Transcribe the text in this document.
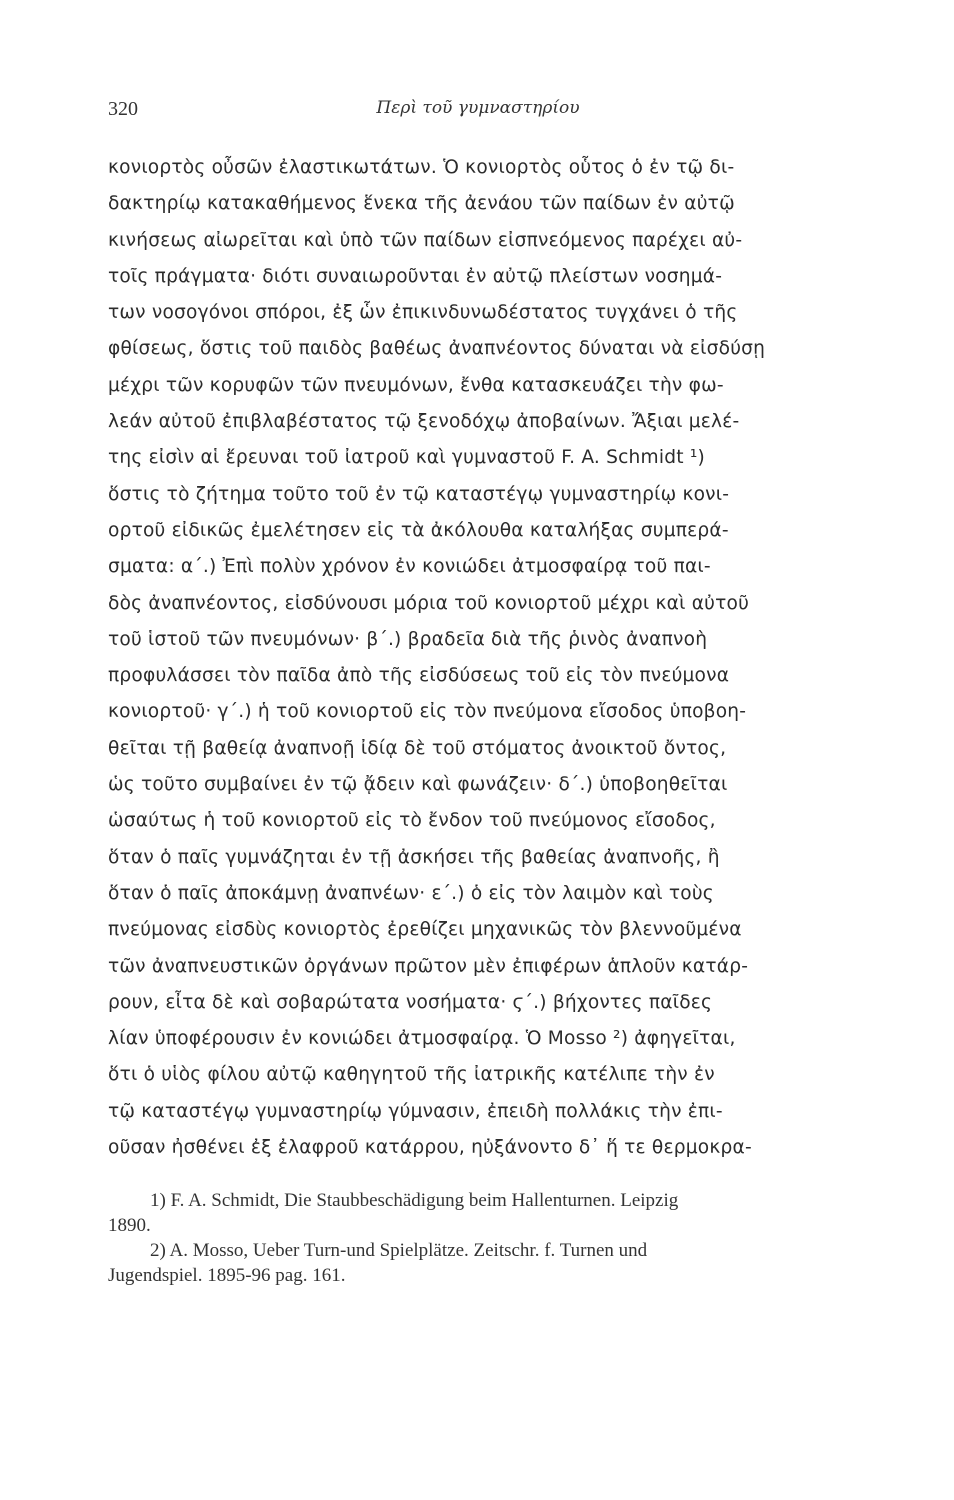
320	Περὶ τοῦ γυμναστηρίου
κονιορτὸς οὖσῶν ἐλαστικωτάτων. Ὁ κονιορτὸς οὗτος ὁ ἐν τῷ δι-
δακτηρίῳ κατακαθήμενος ἕνεκα τῆς ἀενάου τῶν παίδων ἐν αὐτῷ
κινήσεως αἰωρεῖται καὶ ὑπὸ τῶν παίδων εἰσπνεόμενος παρέχει αὐ-
τοῖς πράγματα· διότι συναιωροῦνται ἐν αὐτῷ πλείστων νοσημά-
των νοσογόνοι σπόροι, ἐξ ὧν ἐπικινδυνωδέστατος τυγχάνει ὁ τῆς
φθίσεως, ὅστις τοῦ παιδὸς βαθέως ἀναπνέοντος δύναται νὰ εἰσδύσῃ
μέχρι τῶν κορυφῶν τῶν πνευμόνων, ἔνθα κατασκευάζει τὴν φω-
λεάν αὐτοῦ ἐπιβλαβέστατος τῷ ξενοδόχῳ ἀποβαίνων. Ἄξιαι μελέ-
της εἰσὶν αἱ ἔρευναι τοῦ ἰατροῦ καὶ γυμναστοῦ F. A. Schmidt ¹)
ὅστις τὸ ζήτημα τοῦτο τοῦ ἐν τῷ καταστέγῳ γυμναστηρίῳ κονι-
ορτοῦ εἰδικῶς ἐμελέτησεν εἰς τὰ ἀκόλουθα καταλήξας συμπερά-
σματα: α΄.) Ἐπὶ πολὺν χρόνον ἐν κονιώδει ἀτμοσφαίρᾳ τοῦ παι-
δὸς ἀναπνέοντος, εἰσδύνουσι μόρια τοῦ κονιορτοῦ μέχρι καὶ αὐτοῦ
τοῦ ἱστοῦ τῶν πνευμόνων· β΄.) βραδεῖα διὰ τῆς ῥινὸς ἀναπνοὴ
προφυλάσσει τὸν παῖδα ἀπὸ τῆς εἰσδύσεως τοῦ εἰς τὸν πνεύμονα
κονιορτοῦ· γ΄.) ἡ τοῦ κονιορτοῦ εἰς τὸν πνεύμονα εἴσοδος ὑποβοη-
θεῖται τῇ βαθείᾳ ἀναπνοῇ ἰδίᾳ δὲ τοῦ στόματος ἀνοικτοῦ ὄντος,
ὡς τοῦτο συμβαίνει ἐν τῷ ᾄδειν καὶ φωνάζειν· δ΄.) ὑποβοηθεῖται
ὡσαύτως ἡ τοῦ κονιορτοῦ εἰς τὸ ἔνδον τοῦ πνεύμονος εἴσοδος,
ὅταν ὁ παῖς γυμνάζηται ἐν τῇ ἀσκήσει τῆς βαθείας ἀναπνοῆς, ἢ
ὅταν ὁ παῖς ἀποκάμνῃ ἀναπνέων· ε΄.) ὁ εἰς τὸν λαιμὸν καὶ τοὺς
πνεύμονας εἰσδὺς κονιορτὸς ἐρεθίζει μηχανικῶς τὸν βλεννοῦμένα
τῶν ἀναπνευστικῶν ὀργάνων πρῶτον μὲν ἐπιφέρων ἁπλοῦν κατάρ-
ρουν, εἶτα δὲ καὶ σοβαρώτατα νοσήματα· ϛ΄.) βήχοντες παῖδες
λίαν ὑποφέρουσιν ἐν κονιώδει ἀτμοσφαίρᾳ. Ὁ Mosso ²) ἀφηγεῖται,
ὅτι ὁ υἱὸς φίλου αὐτῷ καθηγητοῦ τῆς ἰατρικῆς κατέλιπε τὴν ἐν
τῷ καταστέγῳ γυμναστηρίῳ γύμνασιν, ἐπειδὴ πολλάκις τὴν ἐπι-
οῦσαν ἠσθένει ἐξ ἐλαφροῦ κατάρρου, ηὐξάνοντο δ᾽ ἥ τε θερμοκρα-
1) F. A. Schmidt, Die Staubbeschädigung beim Hallenturnen. Leipzig
1890.
2) A. Mosso, Ueber Turn-und Spielplätze. Zeitschr. f. Turnen und
Jugendspiel. 1895-96 pag. 161.
